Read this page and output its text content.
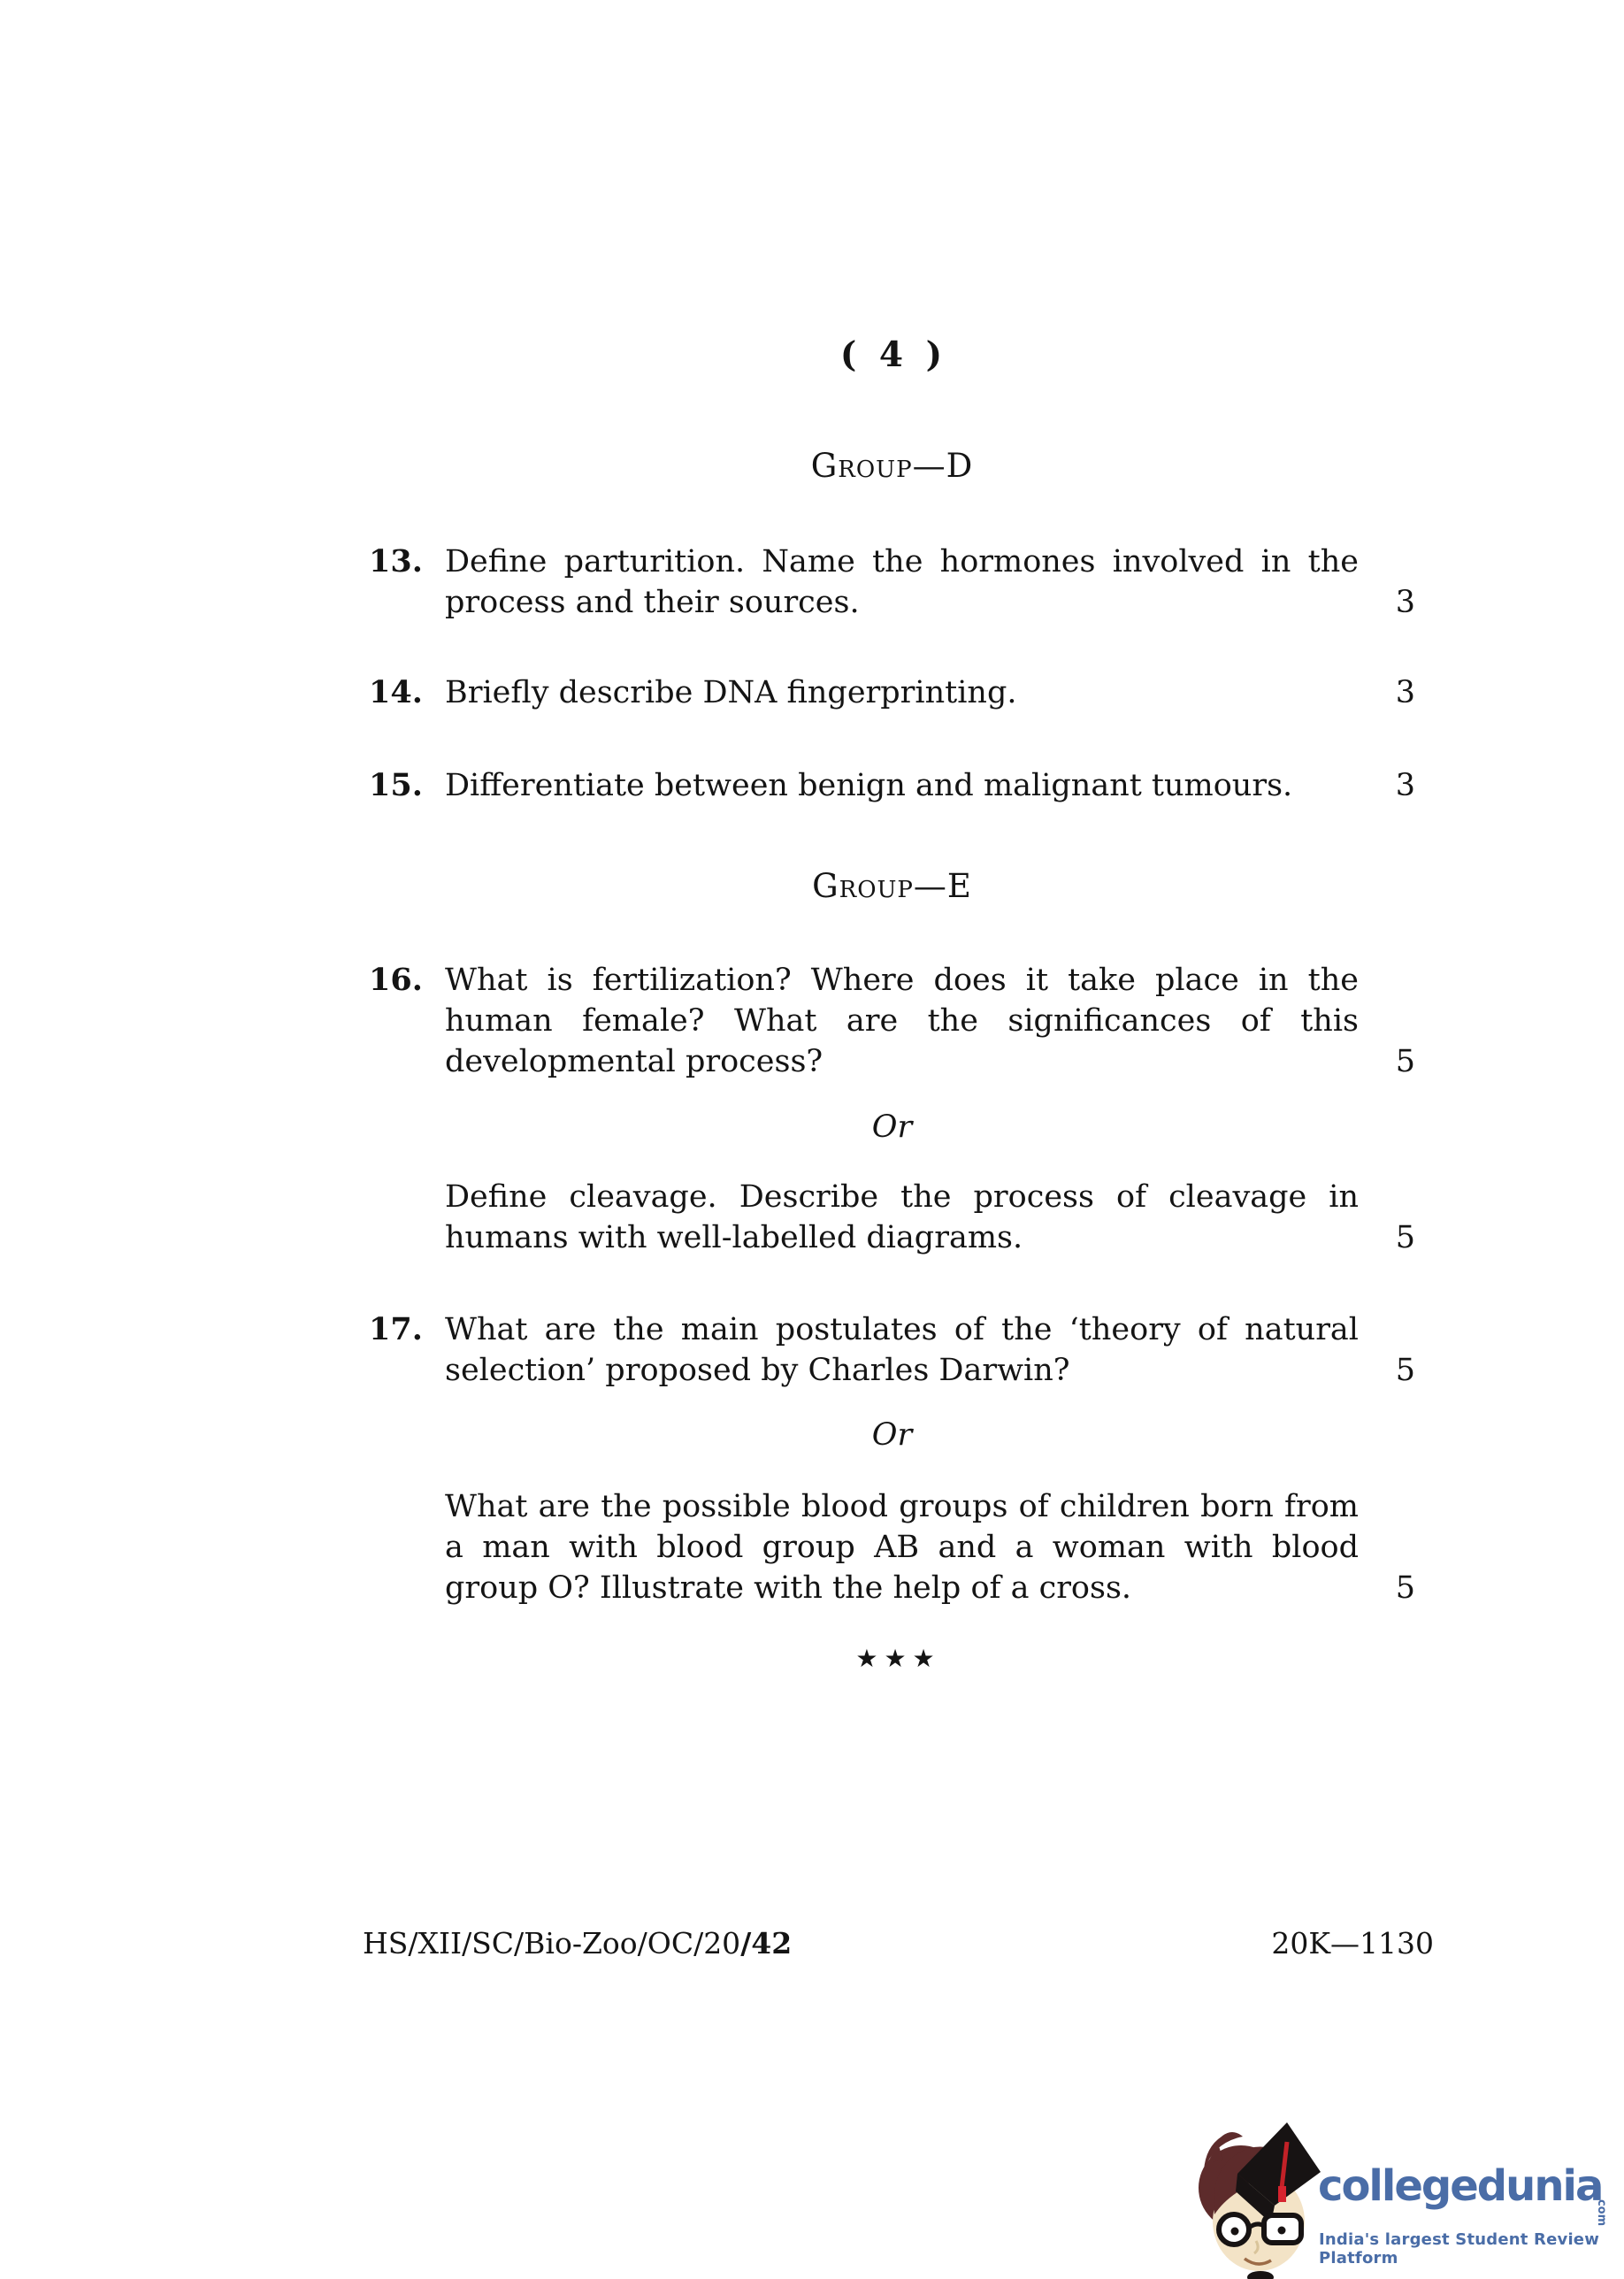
( 4 )
Group—D
13. Define parturition. Name the hormones involved in the
process and their sources.	3
14. Briefly describe DNA fingerprinting.	3
15. Differentiate between benign and malignant tumours.	3
Group—E
16. What is fertilization? Where does it take place in the
human female? What are the significances of this
developmental process?	5
Or
Define cleavage. Describe the process of cleavage in
humans with well-labelled diagrams.	5
17. What are the main postulates of the ‘theory of natural
selection’ proposed by Charles Darwin?	5
Or
What are the possible blood groups of children born from
a man with blood group AB and a woman with blood
group O? Illustrate with the help of a cross.	5
★★★
HS/XII/SC/Bio-Zoo/OC/20/42	20K—1130
collegedunia
.com
India's largest Student Review Platform
